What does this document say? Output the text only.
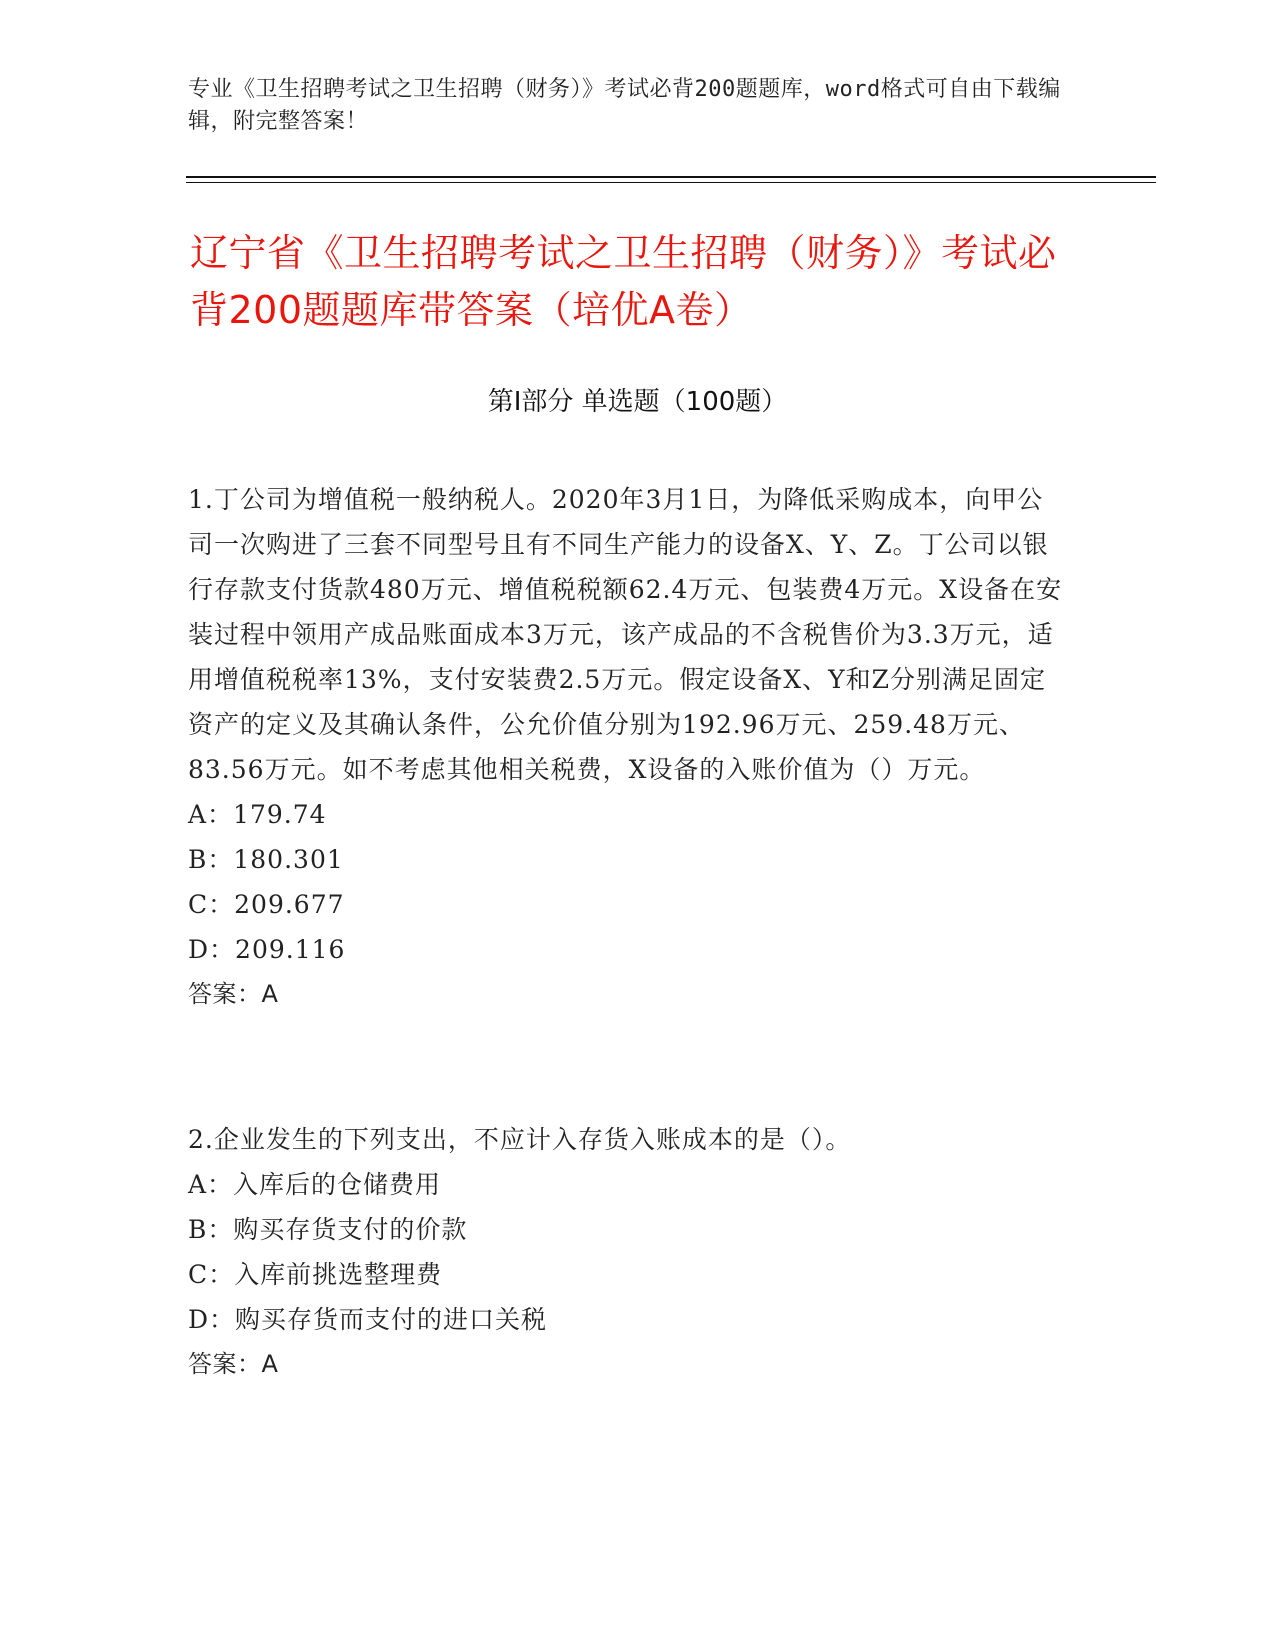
专业《卫生招聘考试之卫生招聘（财务）》考试必背200题题库，word格式可自由下载编辑，附完整答案！
辽宁省《卫生招聘考试之卫生招聘（财务）》考试必背200题题库带答案（培优A卷）
第I部分 单选题（100题）

1.丁公司为增值税一般纳税人。2020年3月1日，为降低采购成本，向甲公司一次购进了三套不同型号且有不同生产能力的设备X、Y、Z。丁公司以银行存款支付货款480万元、增值税税额62.4万元、包装费4万元。X设备在安装过程中领用产成品账面成本3万元，该产成品的不含税售价为3.3万元，适用增值税税率13%，支付安装费2.5万元。假定设备X、Y和Z分别满足固定资产的定义及其确认条件，公允价值分别为192.96万元、259.48万元、83.56万元。如不考虑其他相关税费，X设备的入账价值为（）万元。

A：179.74

B：180.301

C：209.677

D：209.116

答案：A

2.企业发生的下列支出，不应计入存货入账成本的是（）。

A：入库后的仓储费用

B：购买存货支付的价款

C：入库前挑选整理费

D：购买存货而支付的进口关税

答案：A
